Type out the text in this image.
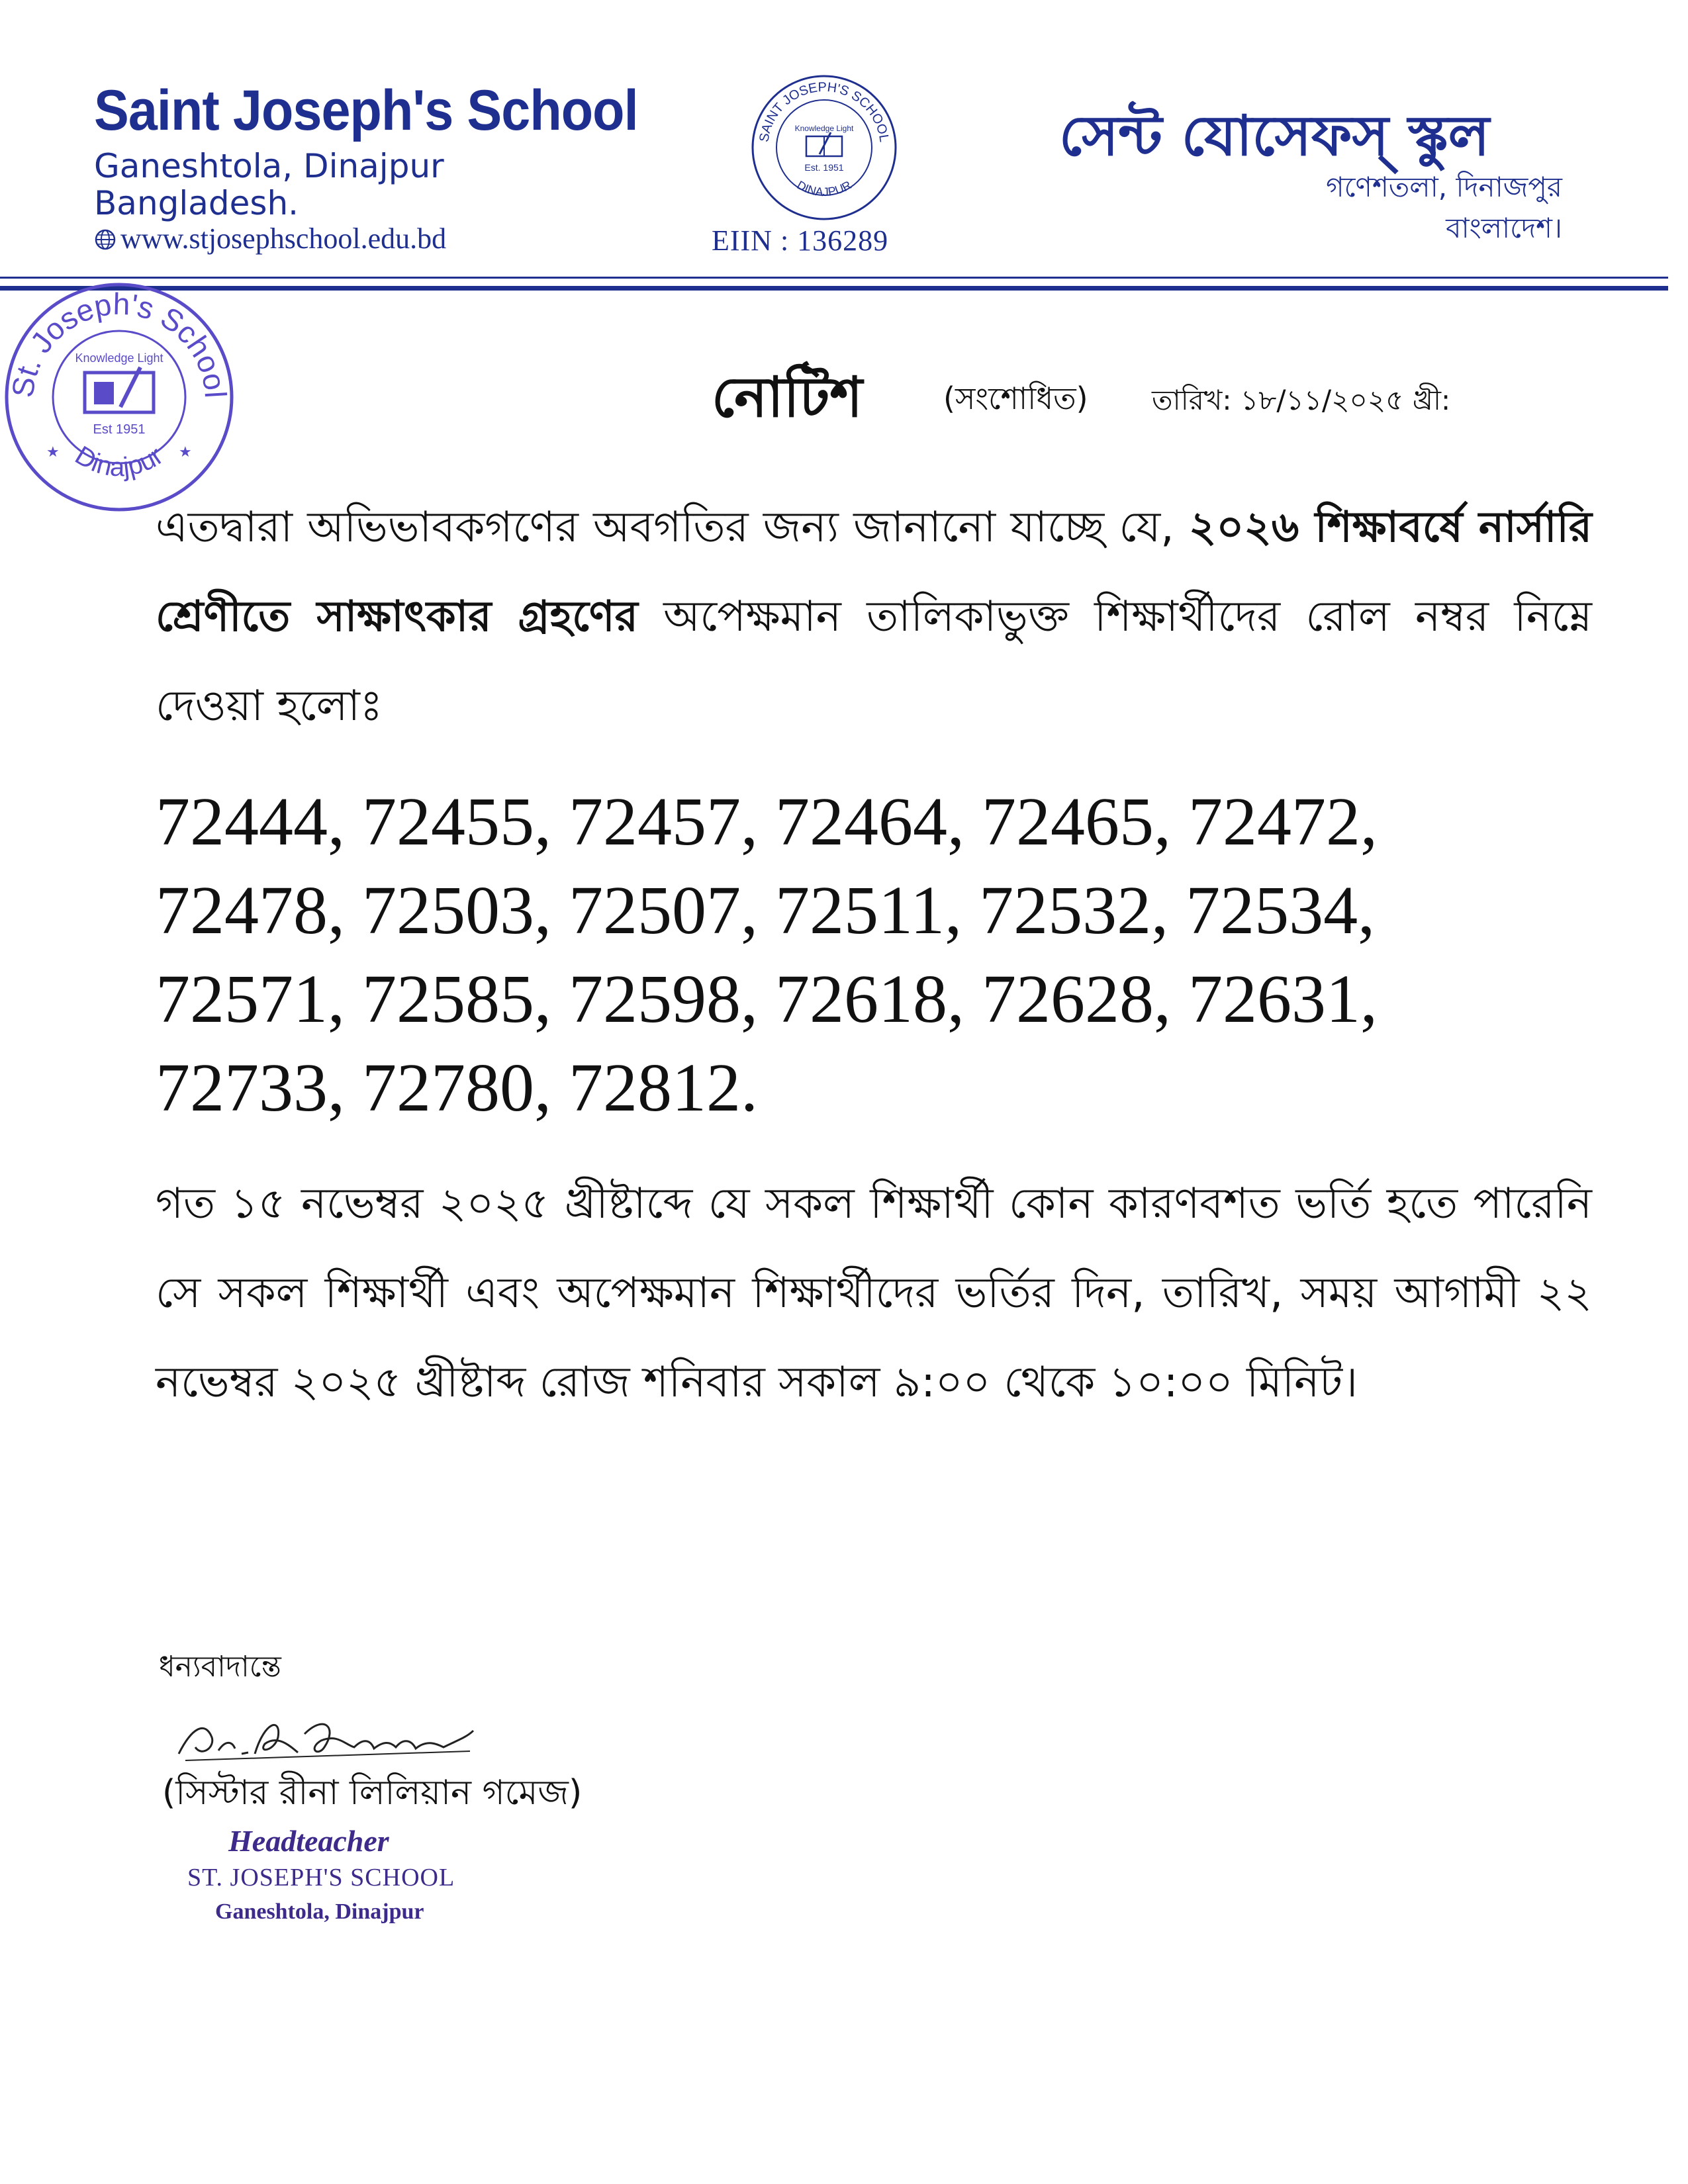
Saint Joseph's School
Ganeshtola, Dinajpur
Bangladesh.
www.stjosephschool.edu.bd
SAINT JOSEPH'S SCHOOL
DINAJPUR
Knowledge Light
Est. 1951
EIIN : 136289
সেন্ট যোসেফস্ স্কুল
গণেশতলা, দিনাজপুর
বাংলাদেশ।
St. Joseph's School
Dinajpur
Knowledge Light
Est 1951
★	★
নোটিশ	(সংশোধিত) তারিখ: ১৮/১১/২০২৫ খ্রী:
এতদ্বারা অভিভাবকগণের অবগতির জন্য জানানো যাচ্ছে যে, ২০২৬ শিক্ষাবর্ষে নার্সারি শ্রেণীতে সাক্ষাৎকার গ্রহণের অপেক্ষমান তালিকাভুক্ত শিক্ষার্থীদের রোল নম্বর নিম্নে দেওয়া হলোঃ
72444, 72455, 72457, 72464, 72465, 72472,
72478, 72503, 72507, 72511, 72532, 72534,
72571, 72585, 72598, 72618, 72628, 72631,
72733, 72780, 72812.
গত ১৫ নভেম্বর ২০২৫ খ্রীষ্টাব্দে যে সকল শিক্ষার্থী কোন কারণবশত ভর্তি হতে পারেনি সে সকল শিক্ষার্থী এবং অপেক্ষমান শিক্ষার্থীদের ভর্তির দিন, তারিখ, সময় আগামী ২২ নভেম্বর ২০২৫ খ্রীষ্টাব্দ রোজ শনিবার সকাল ৯:০০ থেকে ১০:০০ মিনিট।
ধন্যবাদান্তে
(সিস্টার রীনা লিলিয়ান গমেজ)
Headteacher
ST. JOSEPH'S SCHOOL
Ganeshtola, Dinajpur
